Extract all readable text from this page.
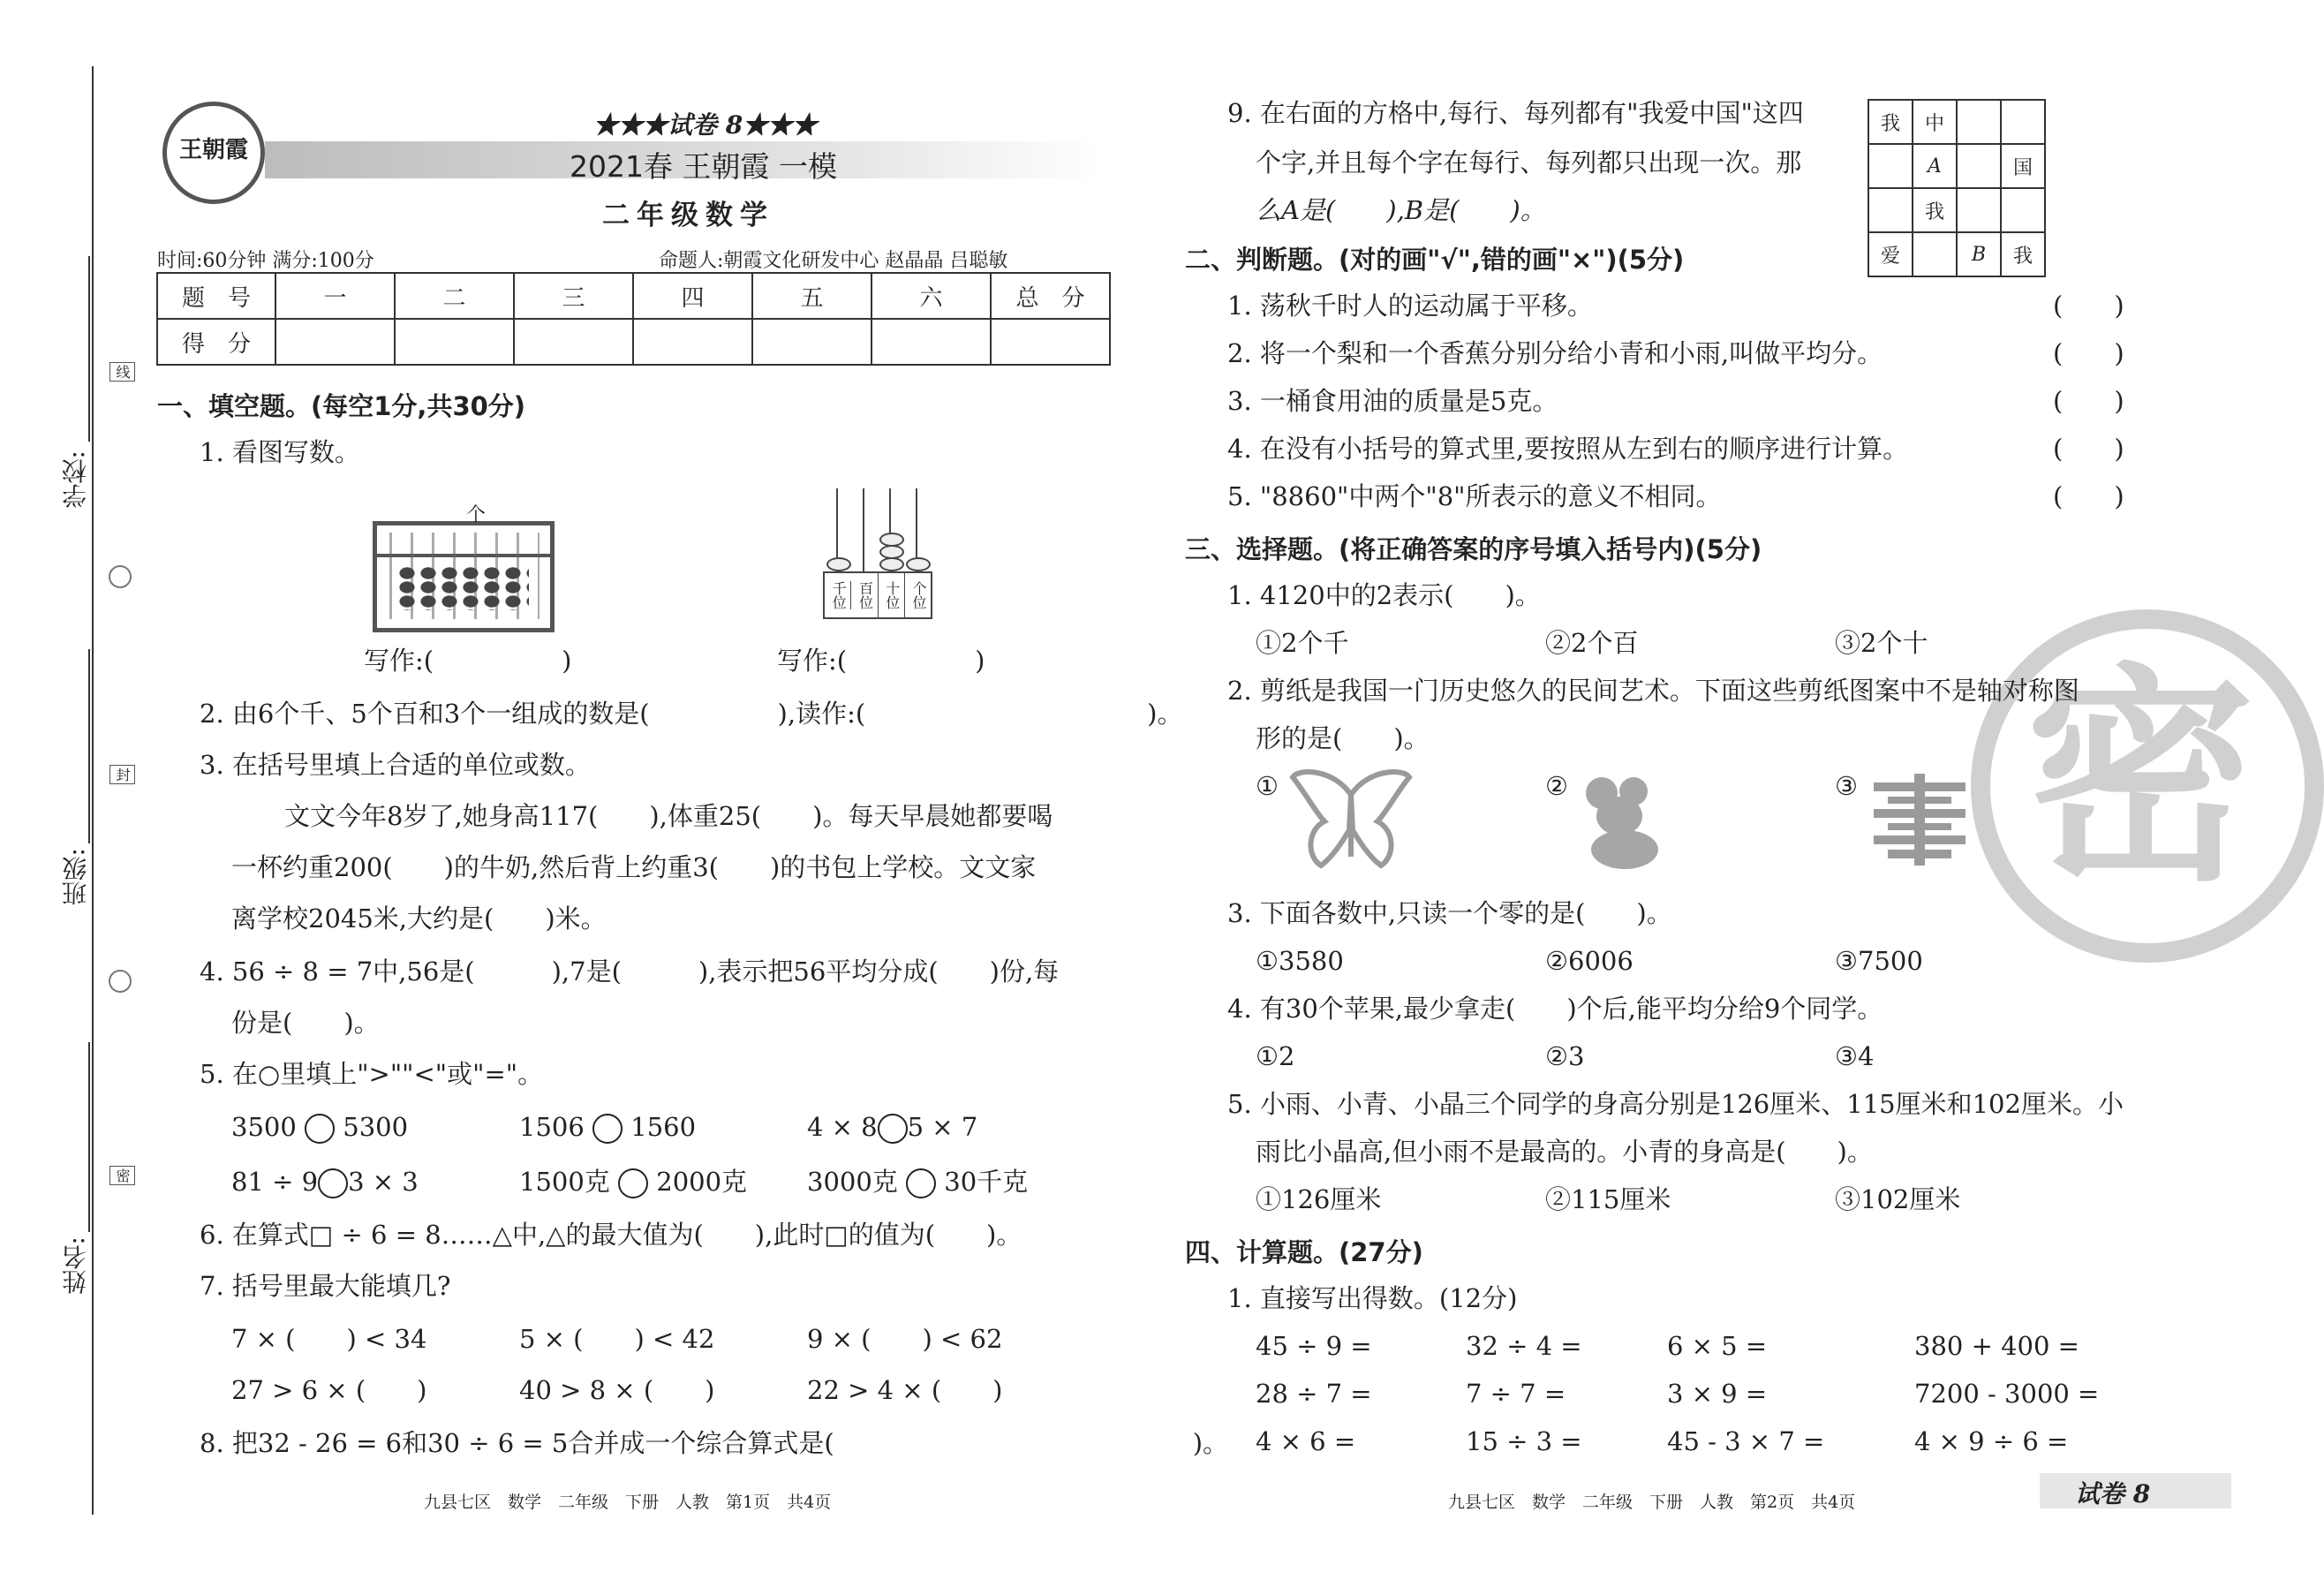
学校:
班级:
姓名:
线
封
密
王朝霞
★★★试卷 8★★★
2021春 王朝霞 一模
二年级数学
时间:60分钟 满分:100分	命题人:朝霞文化研发中心 赵晶晶 吕聪敏
题　号	一	二	三	四	五	六	总　分
得　分							
一、填空题。(每空1分,共30分)
1. 看图写数。
个
千位 百位 十位 个位
写作:(　　　　　)	写作:(　　　　　)
2. 由6个千、5个百和3个一组成的数是(　　　　　),读作:(　　　　　　　　　　　)。
3. 在括号里填上合适的单位或数。
文文今年8岁了,她身高117(　　),体重25(　　)。每天早晨她都要喝
一杯约重200(　　)的牛奶,然后背上约重3(　　)的书包上学校。文文家
离学校2045米,大约是(　　)米。
4. 56 ÷ 8 = 7中,56是(　　　),7是(　　　),表示把56平均分成(　　)份,每
份是(　　)。
5. 在○里填上">""<"或"="。
3500 5300	1506 1560	4 × 8 5 × 7
81 ÷ 9 3 × 3	1500克 2000克 3000克 30千克
6. 在算式□ ÷ 6 = 8……△中,△的最大值为(　　),此时□的值为(　　)。
7. 括号里最大能填几?
7 × (　　) < 34	5 × (　　) < 42	9 × (　　) < 62
27 > 6 × (　　)	40 > 8 × (　　)	22 > 4 × (　　)
8. 把32 - 26 = 6和30 ÷ 6 = 5合并成一个综合算式是(　　　　　　　　　　　　　　)。
九县七区　数学　二年级　下册　人教　第1页　共4页
密
9. 在右面的方格中,每行、每列都有"我爱中国"这四
个字,并且每个字在每行、每列都只出现一次。那
么A是(　　),B是(　　)。
我	中		
	A		国
	我		
爱		B	我
二、判断题。(对的画"√",错的画"×")(5分)
1. 荡秋千时人的运动属于平移。	(　　)
2. 将一个梨和一个香蕉分别分给小青和小雨,叫做平均分。	(　　)
3. 一桶食用油的质量是5克。	(　　)
4. 在没有小括号的算式里,要按照从左到右的顺序进行计算。	(　　)
5. "8860"中两个"8"所表示的意义不相同。	(　　)
三、选择题。(将正确答案的序号填入括号内)(5分)
1. 4120中的2表示(　　)。
①2个千	②2个百	③2个十
2. 剪纸是我国一门历史悠久的民间艺术。下面这些剪纸图案中不是轴对称图
形的是(　　)。
①	②	③
3. 下面各数中,只读一个零的是(　　)。
①3580	②6006	③7500
4. 有30个苹果,最少拿走(　　)个后,能平均分给9个同学。
①2	②3	③4
5. 小雨、小青、小晶三个同学的身高分别是126厘米、115厘米和102厘米。小
雨比小晶高,但小雨不是最高的。小青的身高是(　　)。
①126厘米	②115厘米	③102厘米
四、计算题。(27分)
1. 直接写出得数。(12分)
45 ÷ 9 =	32 ÷ 4 =	6 × 5 =	380 + 400 =
28 ÷ 7 =	7 ÷ 7 =	3 × 9 =	7200 - 3000 =
4 × 6 =	15 ÷ 3 =	45 - 3 × 7 =	4 × 9 ÷ 6 =
九县七区　数学　二年级　下册　人教　第2页　共4页	试卷 8
